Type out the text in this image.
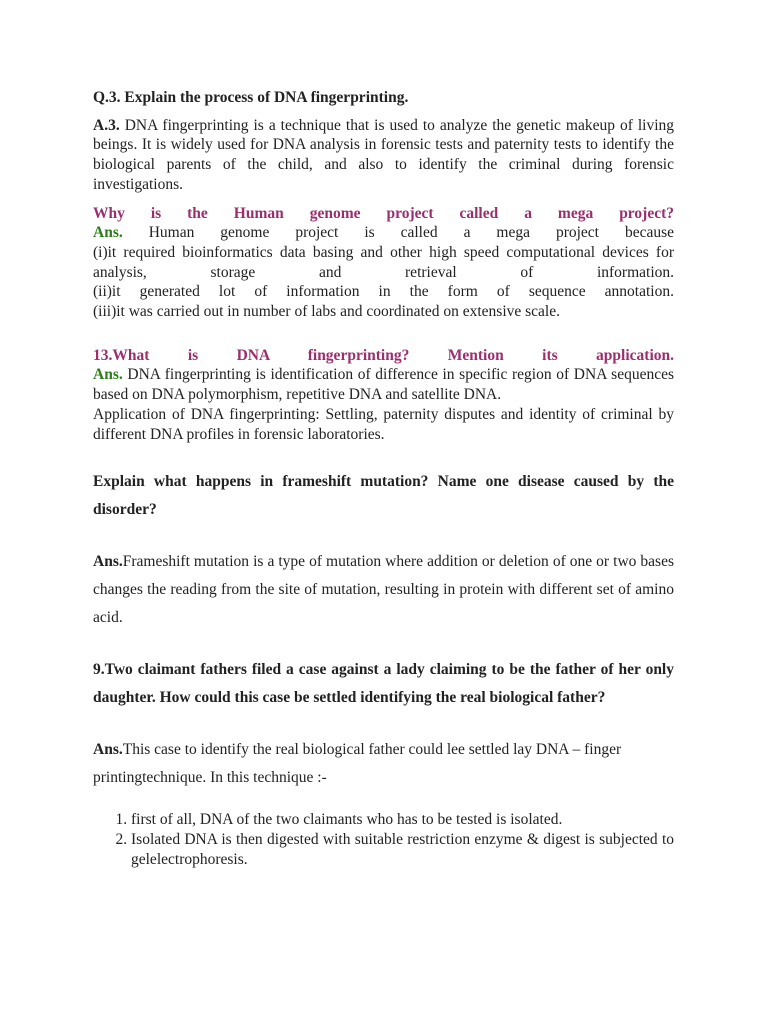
Q.3. Explain the process of DNA fingerprinting.

A.3. DNA fingerprinting is a technique that is used to analyze the genetic makeup of living beings. It is widely used for DNA analysis in forensic tests and paternity tests to identify the biological parents of the child, and also to identify the criminal during forensic investigations.

Why is the Human genome project called a mega project?

Ans. Human genome project is called a mega project because

(i)it required bioinformatics data basing and other high speed computational devices for analysis, storage and retrieval of information.

(ii)it generated lot of information in the form of sequence annotation.

(iii)it was carried out in number of labs and coordinated on extensive scale.

13.What is DNA fingerprinting? Mention its application.

Ans. DNA fingerprinting is identification of difference in specific region of DNA sequences based on DNA polymorphism, repetitive DNA and satellite DNA.

Application of DNA fingerprinting: Settling, paternity disputes and identity of criminal by different DNA profiles in forensic laboratories.

Explain what happens in frameshift mutation? Name one disease caused by the disorder?

Ans.Frameshift mutation is a type of mutation where addition or deletion of one or two bases changes the reading from the site of mutation, resulting in protein with different set of amino acid.

9.Two claimant fathers filed a case against a lady claiming to be the father of her only daughter. How could this case be settled identifying the real biological father?

Ans.This case to identify the real biological father could lee settled lay DNA – finger printingtechnique. In this technique :-

1. first of all, DNA of the two claimants who has to be tested is isolated.
2. Isolated DNA is then digested with suitable restriction enzyme & digest is subjected to gelelectrophoresis.
